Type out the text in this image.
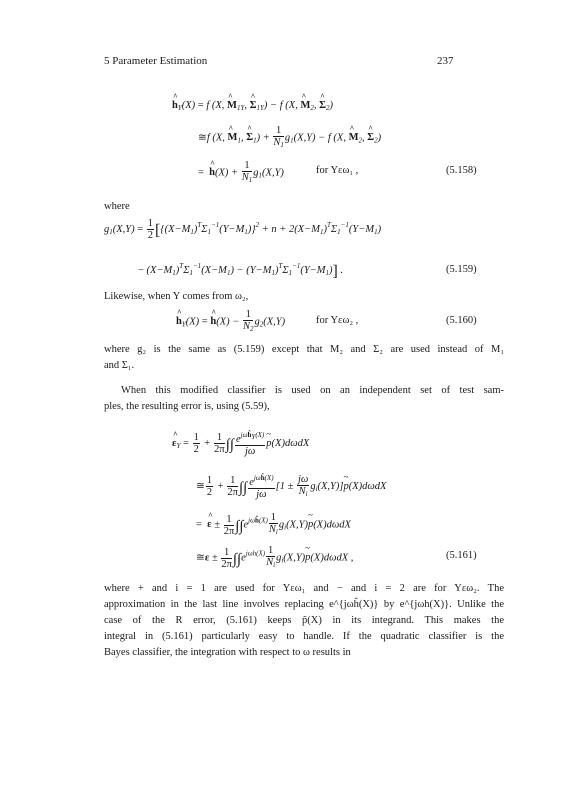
5 Parameter Estimation	237
^ $h_Y(X) = f$ (X, ^ $M_{1Y}$, ^ $\Sigma_{1Y}) - f$ (X, ^ $M_2$, ^ $\Sigma_2$)
≅f (X, ^ $M_1$, ^ $\Sigma_1) + \frac{1}{N_1} g_1(X,Y) - f$ (X, ^ $M_2$, ^ $\Sigma_2$)
= ^ $h(X) + \frac{1}{N_1} g_1(X,Y)$	for Yεω₁ ,	(5.158)
where
$g_1(X,Y) = \frac{1}{2} [\{(X-M_1)^T\Sigma_1^{-1}(Y-M_1)\}^2 + n + 2(X-M_1)^T\Sigma_1^{-1}(Y-M_1)$
− $(X-M_1)^T\Sigma_1^{-1}(X-M_1) - (Y-M_1)^T\Sigma_1^{-1}(Y-M_1)$] .	(5.159)
Likewise, when Y comes from ω₂,
^ $h_Y(X)$ = ^ $h(X) - \frac{1}{N_2} g_2(X,Y)$	for Yεω₂ ,	(5.160)
where g₂ is the same as (5.159) except that M₂ and Σ₂ are used instead of M₁
and Σ₁.
When this modified classifier is used on an independent set of test sam-
ples, the resulting error is, using (5.59),
^ $\varepsilon_Y = \frac{1}{2} + \frac{1}{2\pi}$ ∫∫ $\frac{e^{j\omega ĥY(X)}}{j\omega}$ ~ p(X)dωdX
≅ $\frac{1}{2} + \frac{1}{2\pi}$ ∫∫ $\frac{e^{j\omega ĥ(X)}}{j\omega} [1 \pm \frac{j\omega}{N_i}$ $g_i(X,Y)]\sim$ p(X)dωdX
= ^ $\varepsilon \pm \frac{1}{2\pi} \int\int e^{j\omega ĥ(X)} \frac{1}{N_i}$ $g_i(X,Y)\sim$ p(X)dωdX
≅ε ± $\frac{1}{2\pi} \int\int e^{j\omega h(X)} \frac{1}{N_i}$ $g_i(X,Y)\sim$ p(X)dωdX ,	(5.161)
where + and i = 1 are used for Yεω₁ and − and i = 2 are for Yεω₂. The
approximation in the last line involves replacing e^{jωĥ(X)} by e^{jωh(X)}. Unlike the
case of the R error, (5.161) keeps p̃(X) in its integrand. This makes the
integral in (5.161) particularly easy to handle. If the quadratic classifier is the
Bayes classifier, the integration with respect to ω results in
